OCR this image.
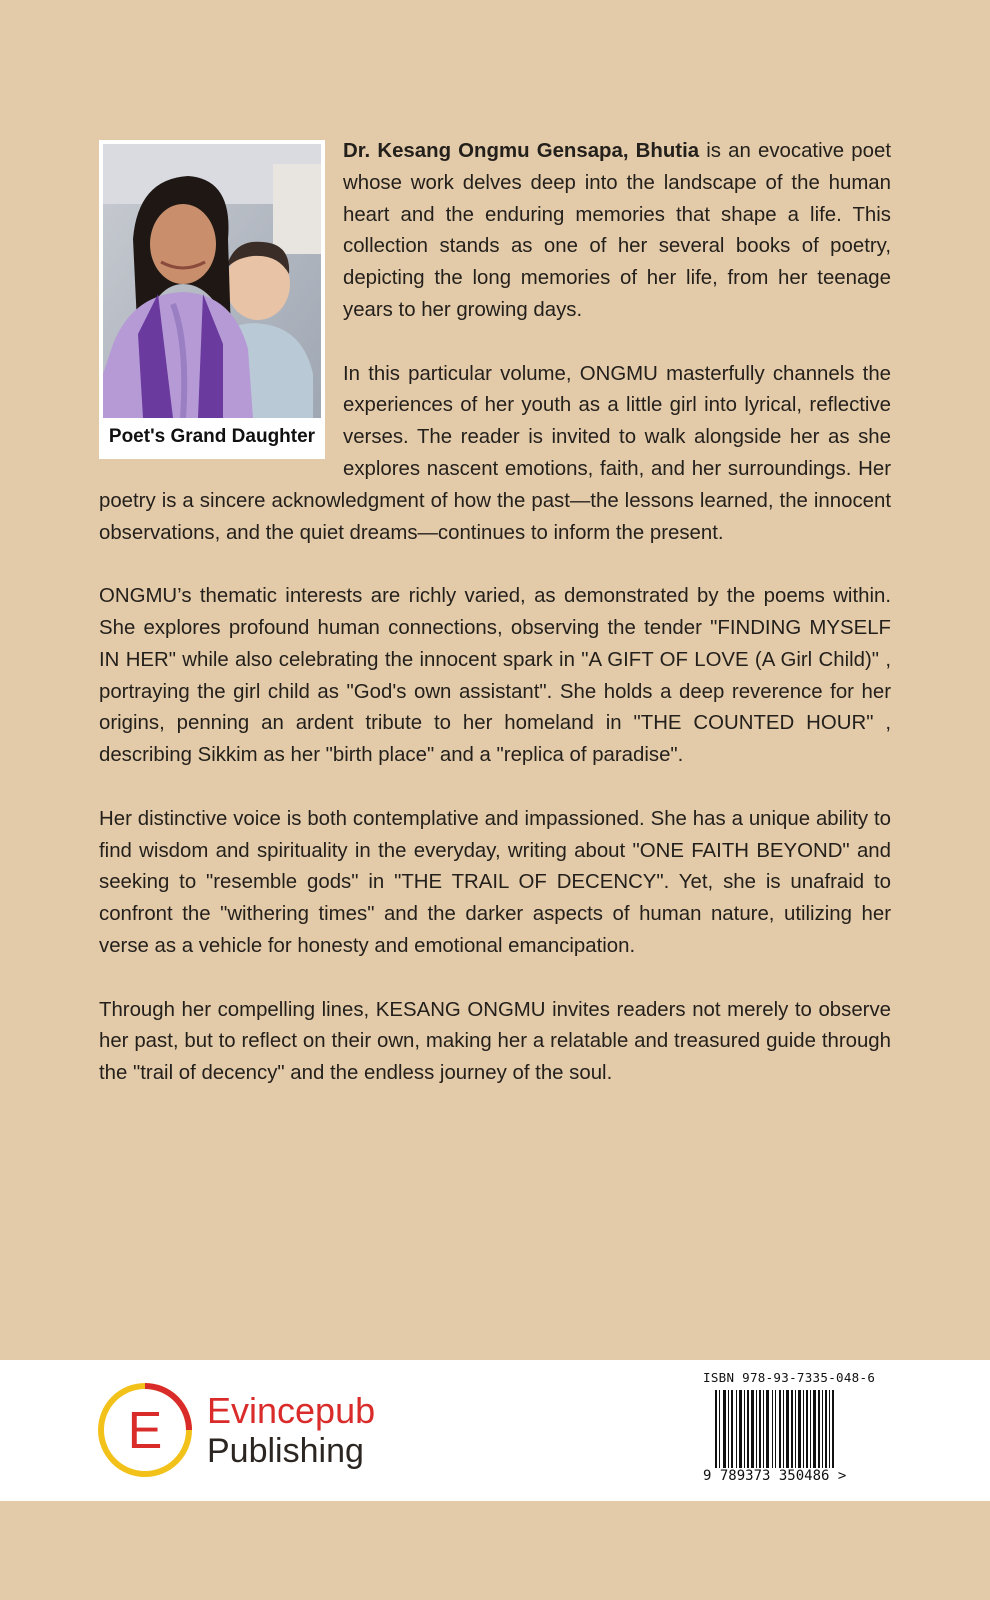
Poet's Grand Daughter

Dr. Kesang Ongmu Gensapa, Bhutia is an evocative poet whose work delves deep into the landscape of the human heart and the enduring memories that shape a life. This collection stands as one of her several books of poetry, depicting the long memories of her life, from her teenage years to her growing days.

In this particular volume, ONGMU masterfully channels the experiences of her youth as a little girl into lyrical, reflective verses. The reader is invited to walk alongside her as she explores nascent emotions, faith, and her surroundings. Her poetry is a sincere acknowledgment of how the past—the lessons learned, the innocent observations, and the quiet dreams—continues to inform the present.

ONGMU’s thematic interests are richly varied, as demonstrated by the poems within. She explores profound human connections, observing the tender "FINDING MYSELF IN HER" while also celebrating the innocent spark in "A GIFT OF LOVE (A Girl Child)" , portraying the girl child as "God's own assistant". She holds a deep reverence for her origins, penning an ardent tribute to her homeland in "THE COUNTED HOUR" , describing Sikkim as her "birth place" and a "replica of paradise".

Her distinctive voice is both contemplative and impassioned. She has a unique ability to find wisdom and spirituality in the everyday, writing about "ONE FAITH BEYOND" and seeking to "resemble gods" in "THE TRAIL OF DECENCY". Yet, she is unafraid to confront the "withering times" and the darker aspects of human nature, utilizing her verse as a vehicle for honesty and emotional emancipation.

Through her compelling lines, KESANG ONGMU invites readers not merely to observe her past, but to reflect on their own, making her a relatable and treasured guide through the "trail of decency" and the endless journey of the soul.

E Evincepub
Publishing
ISBN 978-93-7335-048-6
9 789373 350486 >
